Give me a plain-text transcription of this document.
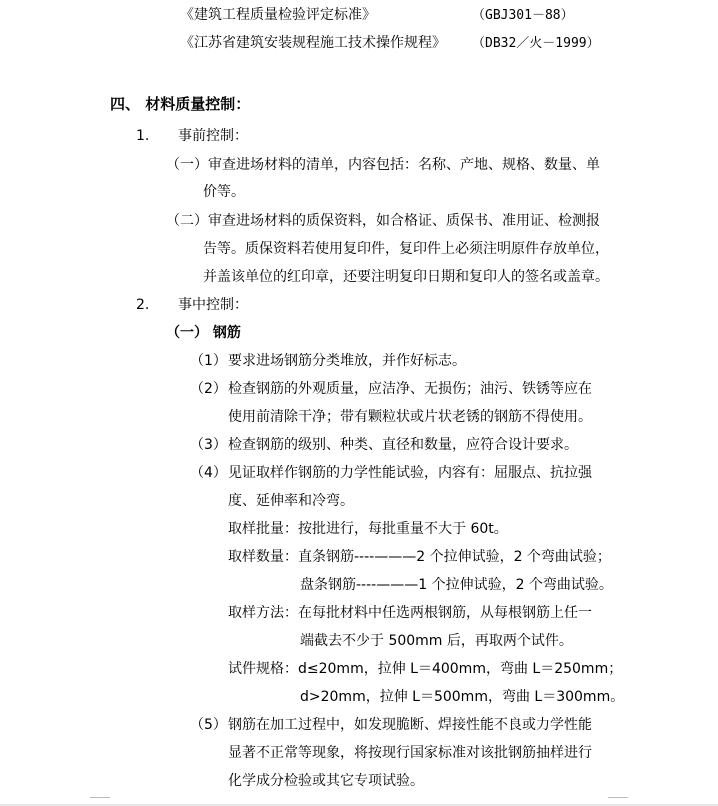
《建筑工程质量检验评定标准》	（GBJ301－88）
《江苏省建筑安装规程施工技术操作规程》 （DB32／火－1999）
四、 材料质量控制：
1. 事前控制：
（一）审查进场材料的清单，内容包括：名称、产地、规格、数量、单
价等。
（二）审查进场材料的质保资料，如合格证、质保书、准用证、检测报
告等。质保资料若使用复印件，复印件上必须注明原件存放单位，
并盖该单位的红印章，还要注明复印日期和复印人的签名或盖章。
2. 事中控制：
（一） 钢筋
（1） 要求进场钢筋分类堆放，并作好标志。
（2） 检查钢筋的外观质量，应洁净、无损伤；油污、铁锈等应在
使用前清除干净；带有颗粒状或片状老锈的钢筋不得使用。
（3） 检查钢筋的级别、种类、直径和数量，应符合设计要求。
（4） 见证取样作钢筋的力学性能试验，内容有：屈服点、抗拉强
度、延伸率和冷弯。
取样批量：按批进行，每批重量不大于 60t。
取样数量：直条钢筋----———2 个拉伸试验，2 个弯曲试验；
盘条钢筋----———1 个拉伸试验，2 个弯曲试验。
取样方法：在每批材料中任选两根钢筋，从每根钢筋上任一
端截去不少于 500mm 后，再取两个试件。
试件规格：d≤20mm，拉伸 L＝400mm，弯曲 L＝250mm；
d>20mm，拉伸 L＝500mm，弯曲 L＝300mm。
（5） 钢筋在加工过程中，如发现脆断、焊接性能不良或力学性能
显著不正常等现象，将按现行国家标准对该批钢筋抽样进行
化学成分检验或其它专项试验。
